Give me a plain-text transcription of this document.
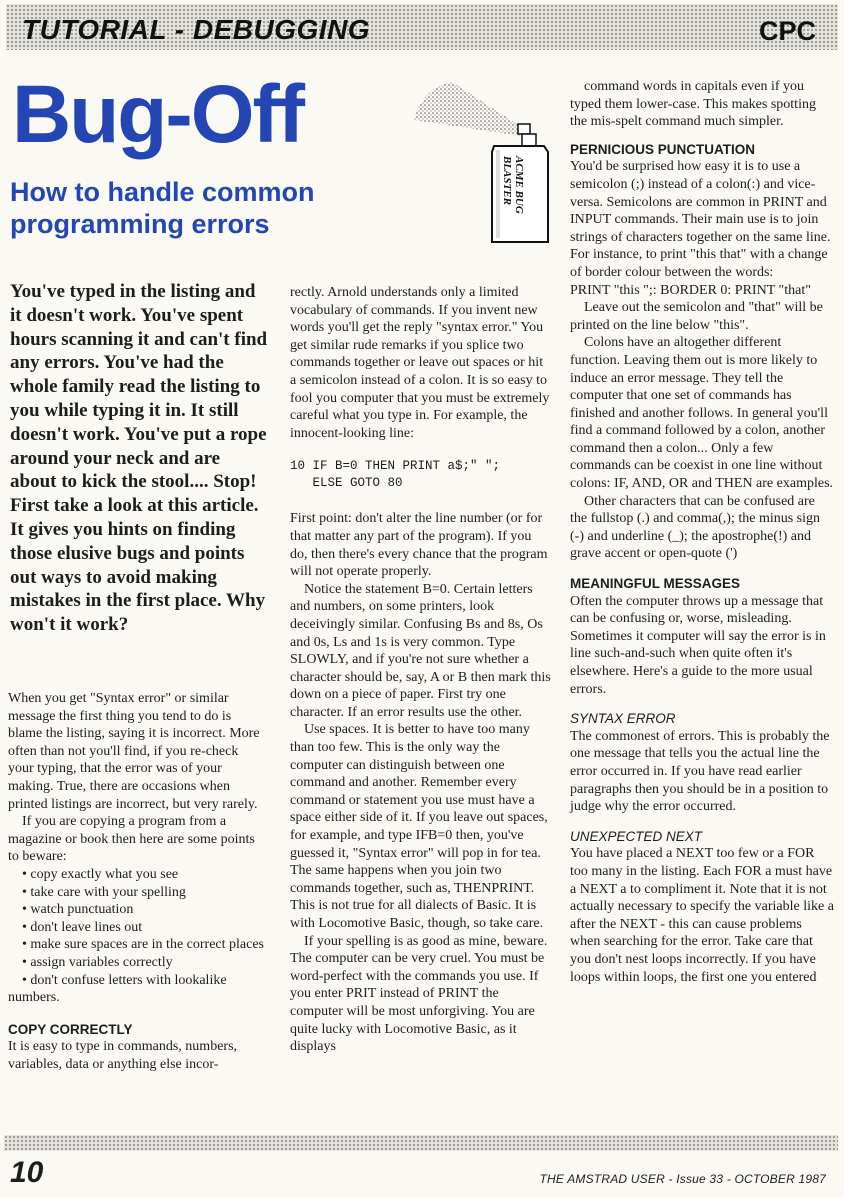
TUTORIAL - DEBUGGING	CPC
Bug-Off
How to handle common
programming errors
ACME BUG
BLASTER
You've typed in the listing and it doesn't work. You've spent hours scanning it and can't find any errors. You've had the whole family read the listing to you while typing it in. It still doesn't work. You've put a rope around your neck and are about to kick the stool.... Stop! First take a look at this article. It gives you hints on finding those elusive bugs and points out ways to avoid making mistakes in the first place. Why won't it work?

When you get "Syntax error" or similar message the first thing you tend to do is blame the listing, saying it is incorrect. More often than not you'll find, if you re-check your typing, that the error was of your making. True, there are occasions when printed listings are incorrect, but very rarely.

If you are copying a program from a magazine or book then here are some points to beware:

• copy exactly what you see

• take care with your spelling

• watch punctuation

• don't leave lines out

• make sure spaces are in the correct places

• assign variables correctly

• don't confuse letters with lookalike numbers.

COPY CORRECTLY

It is easy to type in commands, numbers, variables, data or anything else incor-

rectly. Arnold understands only a limited vocabulary of commands. If you invent new words you'll get the reply "syntax error." You get similar rude remarks if you splice two commands together or leave out spaces or hit a semicolon instead of a colon. It is so easy to fool you computer that you must be extremely careful what you type in. For example, the innocent-looking line:

10 IF B=0 THEN PRINT a$;" ";
ELSE GOTO 80

First point: don't alter the line number (or for that matter any part of the program). If you do, then there's every chance that the program will not operate properly.

Notice the statement B=0. Certain letters and numbers, on some printers, look deceivingly similar. Confusing Bs and 8s, Os and 0s, Ls and 1s is very common. Type SLOWLY, and if you're not sure whether a character should be, say, A or B then mark this down on a piece of paper. First try one character. If an error results use the other.

Use spaces. It is better to have too many than too few. This is the only way the computer can distinguish between one command and another. Remember every command or statement you use must have a space either side of it. If you leave out spaces, for example, and type IFB=0 then, you've guessed it, "Syntax error" will pop in for tea. The same happens when you join two commands together, such as, THENPRINT. This is not true for all dialects of Basic. It is with Locomotive Basic, though, so take care.

If your spelling is as good as mine, beware. The computer can be very cruel. You must be word-perfect with the commands you use. If you enter PRIT instead of PRINT the computer will be most unforgiving. You are quite lucky with Locomotive Basic, as it displays

command words in capitals even if you typed them lower-case. This makes spotting the mis-spelt command much simpler.

PERNICIOUS PUNCTUATION

You'd be surprised how easy it is to use a semicolon (;) instead of a colon(:) and vice-versa. Semicolons are common in PRINT and INPUT commands. Their main use is to join strings of characters together on the same line. For instance, to print "this that" with a change of border colour between the words:

PRINT "this ";: BORDER 0: PRINT "that"

Leave out the semicolon and "that" will be printed on the line below "this".

Colons have an altogether different function. Leaving them out is more likely to induce an error message. They tell the computer that one set of commands has finished and another follows. In general you'll find a command followed by a colon, another command then a colon... Only a few commands can be coexist in one line without colons: IF, AND, OR and THEN are examples.

Other characters that can be confused are the fullstop (.) and comma(,); the minus sign (-) and underline (_); the apostrophe(!) and grave accent or open-quote (')

MEANINGFUL MESSAGES

Often the computer throws up a message that can be confusing or, worse, misleading. Sometimes it computer will say the error is in line such-and-such when quite often it's elsewhere. Here's a guide to the more usual errors.

SYNTAX ERROR

The commonest of errors. This is probably the one message that tells you the actual line the error occurred in. If you have read earlier paragraphs then you should be in a position to judge why the error occurred.

UNEXPECTED NEXT

You have placed a NEXT too few or a FOR too many in the listing. Each FOR a must have a NEXT a to compliment it. Note that it is not actually necessary to specify the variable like a after the NEXT - this can cause problems when searching for the error. Take care that you don't nest loops incorrectly. If you have loops within loops, the first one you entered

10	THE AMSTRAD USER - Issue 33 - OCTOBER 1987
